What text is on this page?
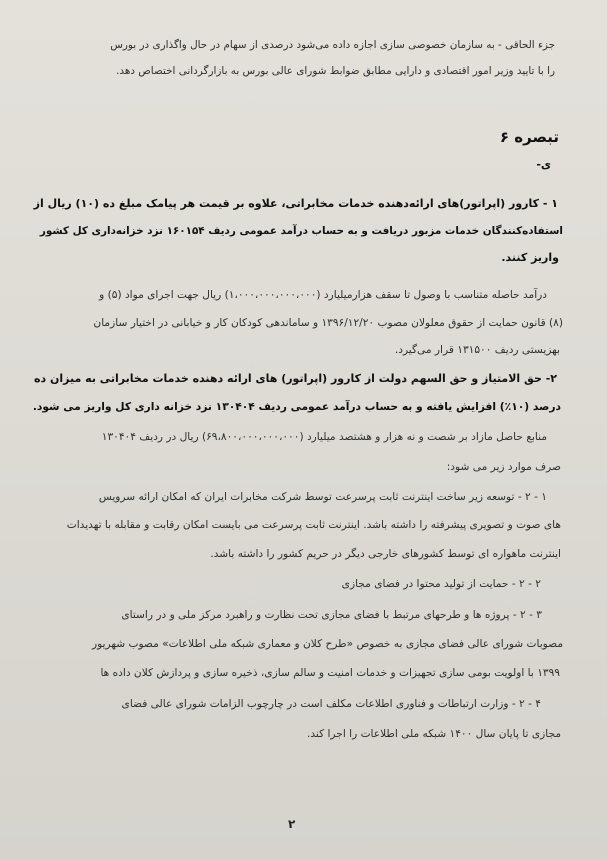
جزء الحاقی - به سازمان خصوصی سازی اجازه داده می‌شود درصدی از سهام در حال واگذاری در بورس
را با تایید وزیر امور اقتصادی و دارایی مطابق ضوابط شورای عالی بورس به بازارگردانی اختصاص دهد.
تبصره ۶
ی-
۱ - کارور (اپراتور)های ارائه‌دهنده خدمات مخابراتی، علاوه بر قیمت هر پیامک مبلغ ده (۱۰) ریال از
استفاده‌کنندگان خدمات مزبور دریافت و به حساب درآمد عمومی ردیف ۱۶۰۱۵۴ نزد خزانه‌داری کل کشور
واریز کنند.
درآمد حاصله متناسب با وصول تا سقف هزارمیلیارد (۱،۰۰۰،۰۰۰،۰۰۰،۰۰۰) ریال جهت اجرای مواد (۵) و
(۸) قانون حمایت از حقوق معلولان مصوب ۱۳۹۶/۱۲/۲۰ و ساماندهی کودکان کار و خیابانی در اختیار سازمان
بهزیستی ردیف ۱۳۱۵۰۰ قرار می‌گیرد.
۲- حق الامتیاز و حق السهم دولت از کارور (اپراتور) های ارائه دهنده خدمات مخابراتی به میزان ده
درصد (۱۰٪) افزایش یافته و به حساب درآمد عمومی ردیف ۱۳۰۴۰۴ نزد خزانه داری کل واریز می شود.
منابع حاصل مازاد بر شصت و نه هزار و هشتصد میلیارد (۶۹،۸۰۰،۰۰۰،۰۰۰،۰۰۰) ریال در ردیف ۱۳۰۴۰۴
صرف موارد زیر می شود:
۱ - ۲ - توسعه زیر ساخت اینترنت ثابت پرسرعت توسط شرکت مخابرات ایران که امکان ارائه سرویس
های صوت و تصویری پیشرفته را داشته باشد. اینترنت ثابت پرسرعت می بایست امکان رقابت و مقابله با تهدیدات
اینترنت ماهواره ای توسط کشورهای خارجی دیگر در حریم کشور را داشته باشد.
۲ - ۲ - حمایت از تولید محتوا در فضای مجازی
۳ - ۲ - پروژه ها و طرحهای مرتبط با فضای مجازی تحت نظارت و راهبرد مرکز ملی و در راستای
مصوبات شورای عالی فضای مجازی به خصوص «طرح کلان و معماری شبکه ملی اطلاعات» مصوب شهریور
۱۳۹۹ با اولویت بومی سازی تجهیزات و خدمات امنیت و سالم سازی، ذخیره سازی و پردازش کلان داده ها
۴ - ۲ - وزارت ارتباطات و فناوری اطلاعات مکلف است در چارچوب الزامات شورای عالی فضای
مجازی تا پایان سال ۱۴۰۰ شبکه ملی اطلاعات را اجرا کند.
۲
